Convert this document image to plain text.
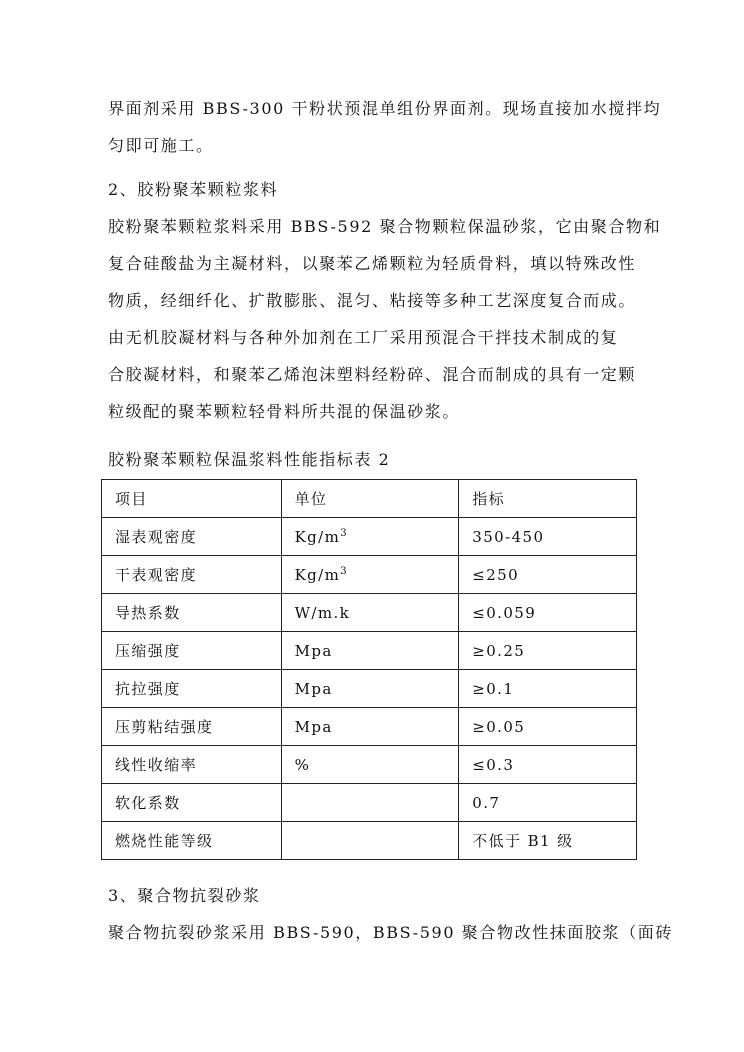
界面剂采用 BBS-300 干粉状预混单组份界面剂。现场直接加水搅拌均
匀即可施工。
2、胶粉聚苯颗粒浆料
胶粉聚苯颗粒浆料采用 BBS-592 聚合物颗粒保温砂浆，它由聚合物和
复合硅酸盐为主凝材料，以聚苯乙烯颗粒为轻质骨料，填以特殊改性
物质，经细纤化、扩散膨胀、混匀、粘接等多种工艺深度复合而成。
由无机胶凝材料与各种外加剂在工厂采用预混合干拌技术制成的复
合胶凝材料，和聚苯乙烯泡沫塑料经粉碎、混合而制成的具有一定颗
粒级配的聚苯颗粒轻骨料所共混的保温砂浆。
胶粉聚苯颗粒保温浆料性能指标表 2
项目	单位	指标
湿表观密度	$Kg/m^3$	350-450
干表观密度	$Kg/m^3$	≤250
导热系数	W/m.k	≤0.059
压缩强度	Mpa	≥0.25
抗拉强度	Mpa	≥0.1
压剪粘结强度	Mpa	≥0.05
线性收缩率	%	≤0.3
软化系数		0.7
燃烧性能等级		不低于 B1 级
3、聚合物抗裂砂浆
聚合物抗裂砂浆采用 BBS-590，BBS-590 聚合物改性抹面胶浆（面砖
